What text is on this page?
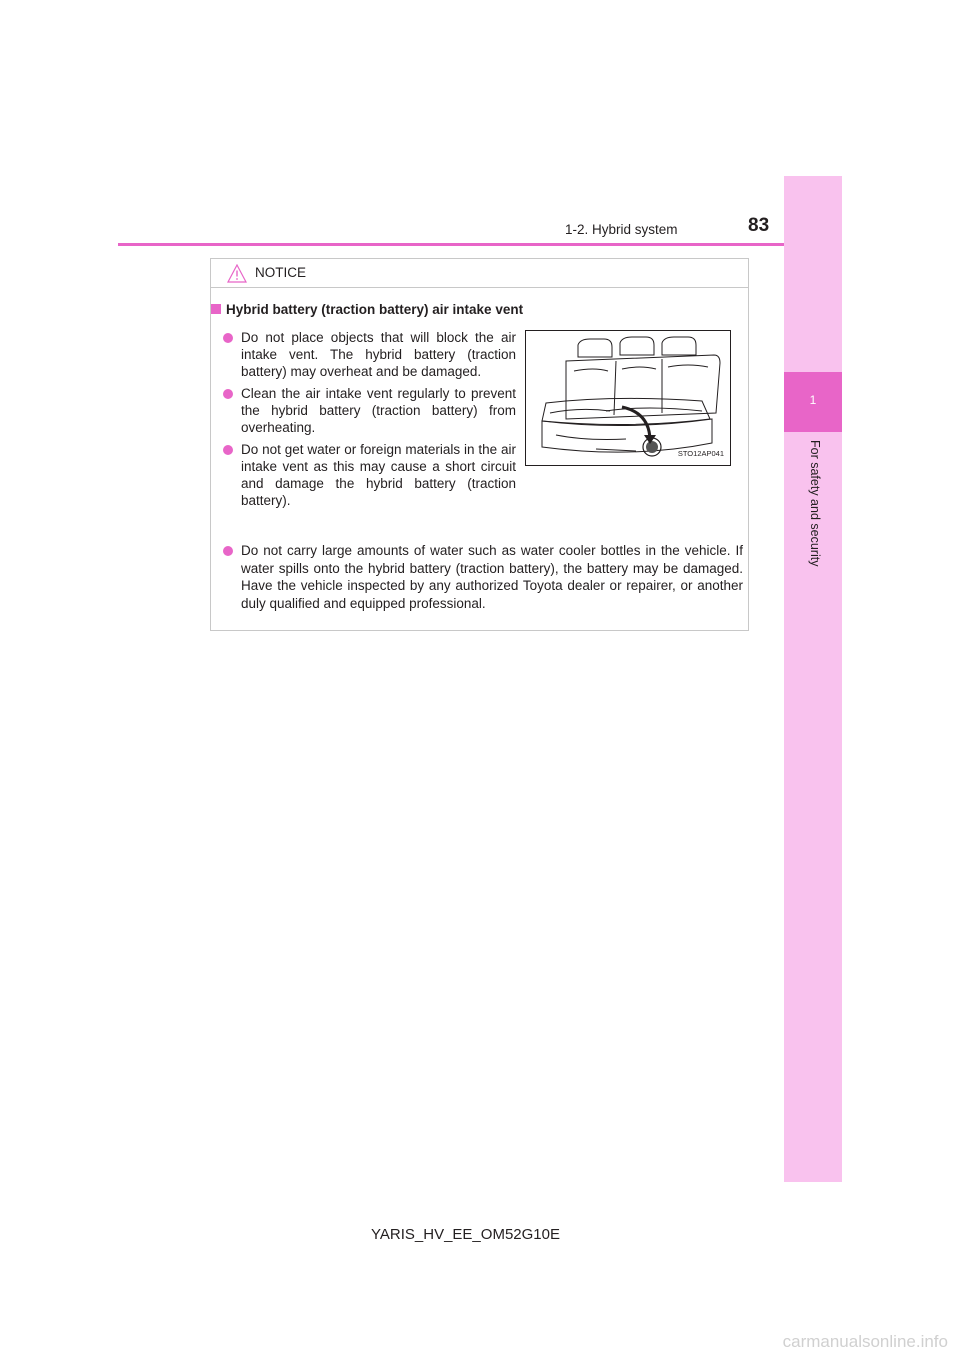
1
For safety and security
1-2. Hybrid system	83
NOTICE
Hybrid battery (traction battery) air intake vent
Do not place objects that will block the air intake vent. The hybrid battery (traction battery) may overheat and be damaged.
Clean the air intake vent regularly to prevent the hybrid battery (traction battery) from overheating.
Do not get water or foreign materials in the air intake vent as this may cause a short circuit and damage the hybrid battery (traction battery).
STO12AP041
Do not carry large amounts of water such as water cooler bottles in the vehicle. If water spills onto the hybrid battery (traction battery), the battery may be damaged. Have the vehicle inspected by any authorized Toyota dealer or repairer, or another duly qualified and equipped professional.
YARIS_HV_EE_OM52G10E
carmanualsonline.info
